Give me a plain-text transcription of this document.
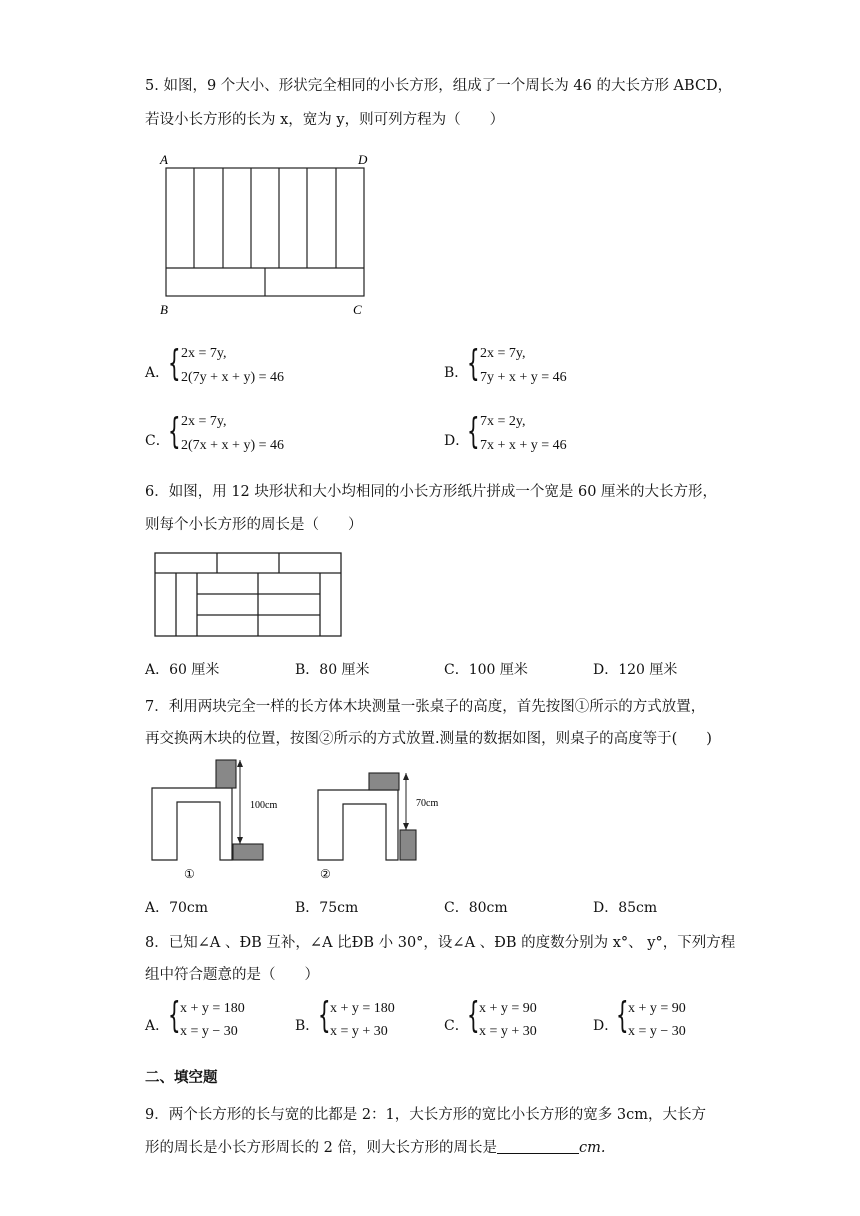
5. 如图，9 个大小、形状完全相同的小长方形，组成了一个周长为 46 的大长方形 ABCD，
若设小长方形的长为 x，宽为 y，则可列方程为（　　）
A	D
B	C
A．
{ 2x = 7y,
2(7y + x + y) = 46	B．
{ 2x = 7y,
7y + x + y = 46
C．
{ 2x = 7y,
2(7x + x + y) = 46	D．
{ 7x = 2y,
7x + x + y = 46
6．如图，用 12 块形状和大小均相同的小长方形纸片拼成一个宽是 60 厘米的大长方形，
则每个小长方形的周长是（　　）
A．60 厘米	B．80 厘米	C．100 厘米	D．120 厘米
7．利用两块完全一样的长方体木块测量一张桌子的高度，首先按图①所示的方式放置，
再交换两木块的位置，按图②所示的方式放置.测量的数据如图，则桌子的高度等于(　　)
100cm
①
70cm
②
A．70cm	B．75cm	C．80cm	D．85cm
8．已知∠A 、ÐB 互补，∠A 比ÐB 小 30°，设∠A 、ÐB 的度数分别为 x°、 y°，下列方程
组中符合题意的是（　　）
A．
{ x + y = 180
x = y − 30	B．
{ x + y = 180
x = y + 30	C．
{ x + y = 90
x = y + 30	D．
{ x + y = 90
x = y − 30
二、填空题
9．两个长方形的长与宽的比都是 2：1，大长方形的宽比小长方形的宽多 3cm，大长方
形的周长是小长方形周长的 2 倍，则大长方形的周长是	cm.
